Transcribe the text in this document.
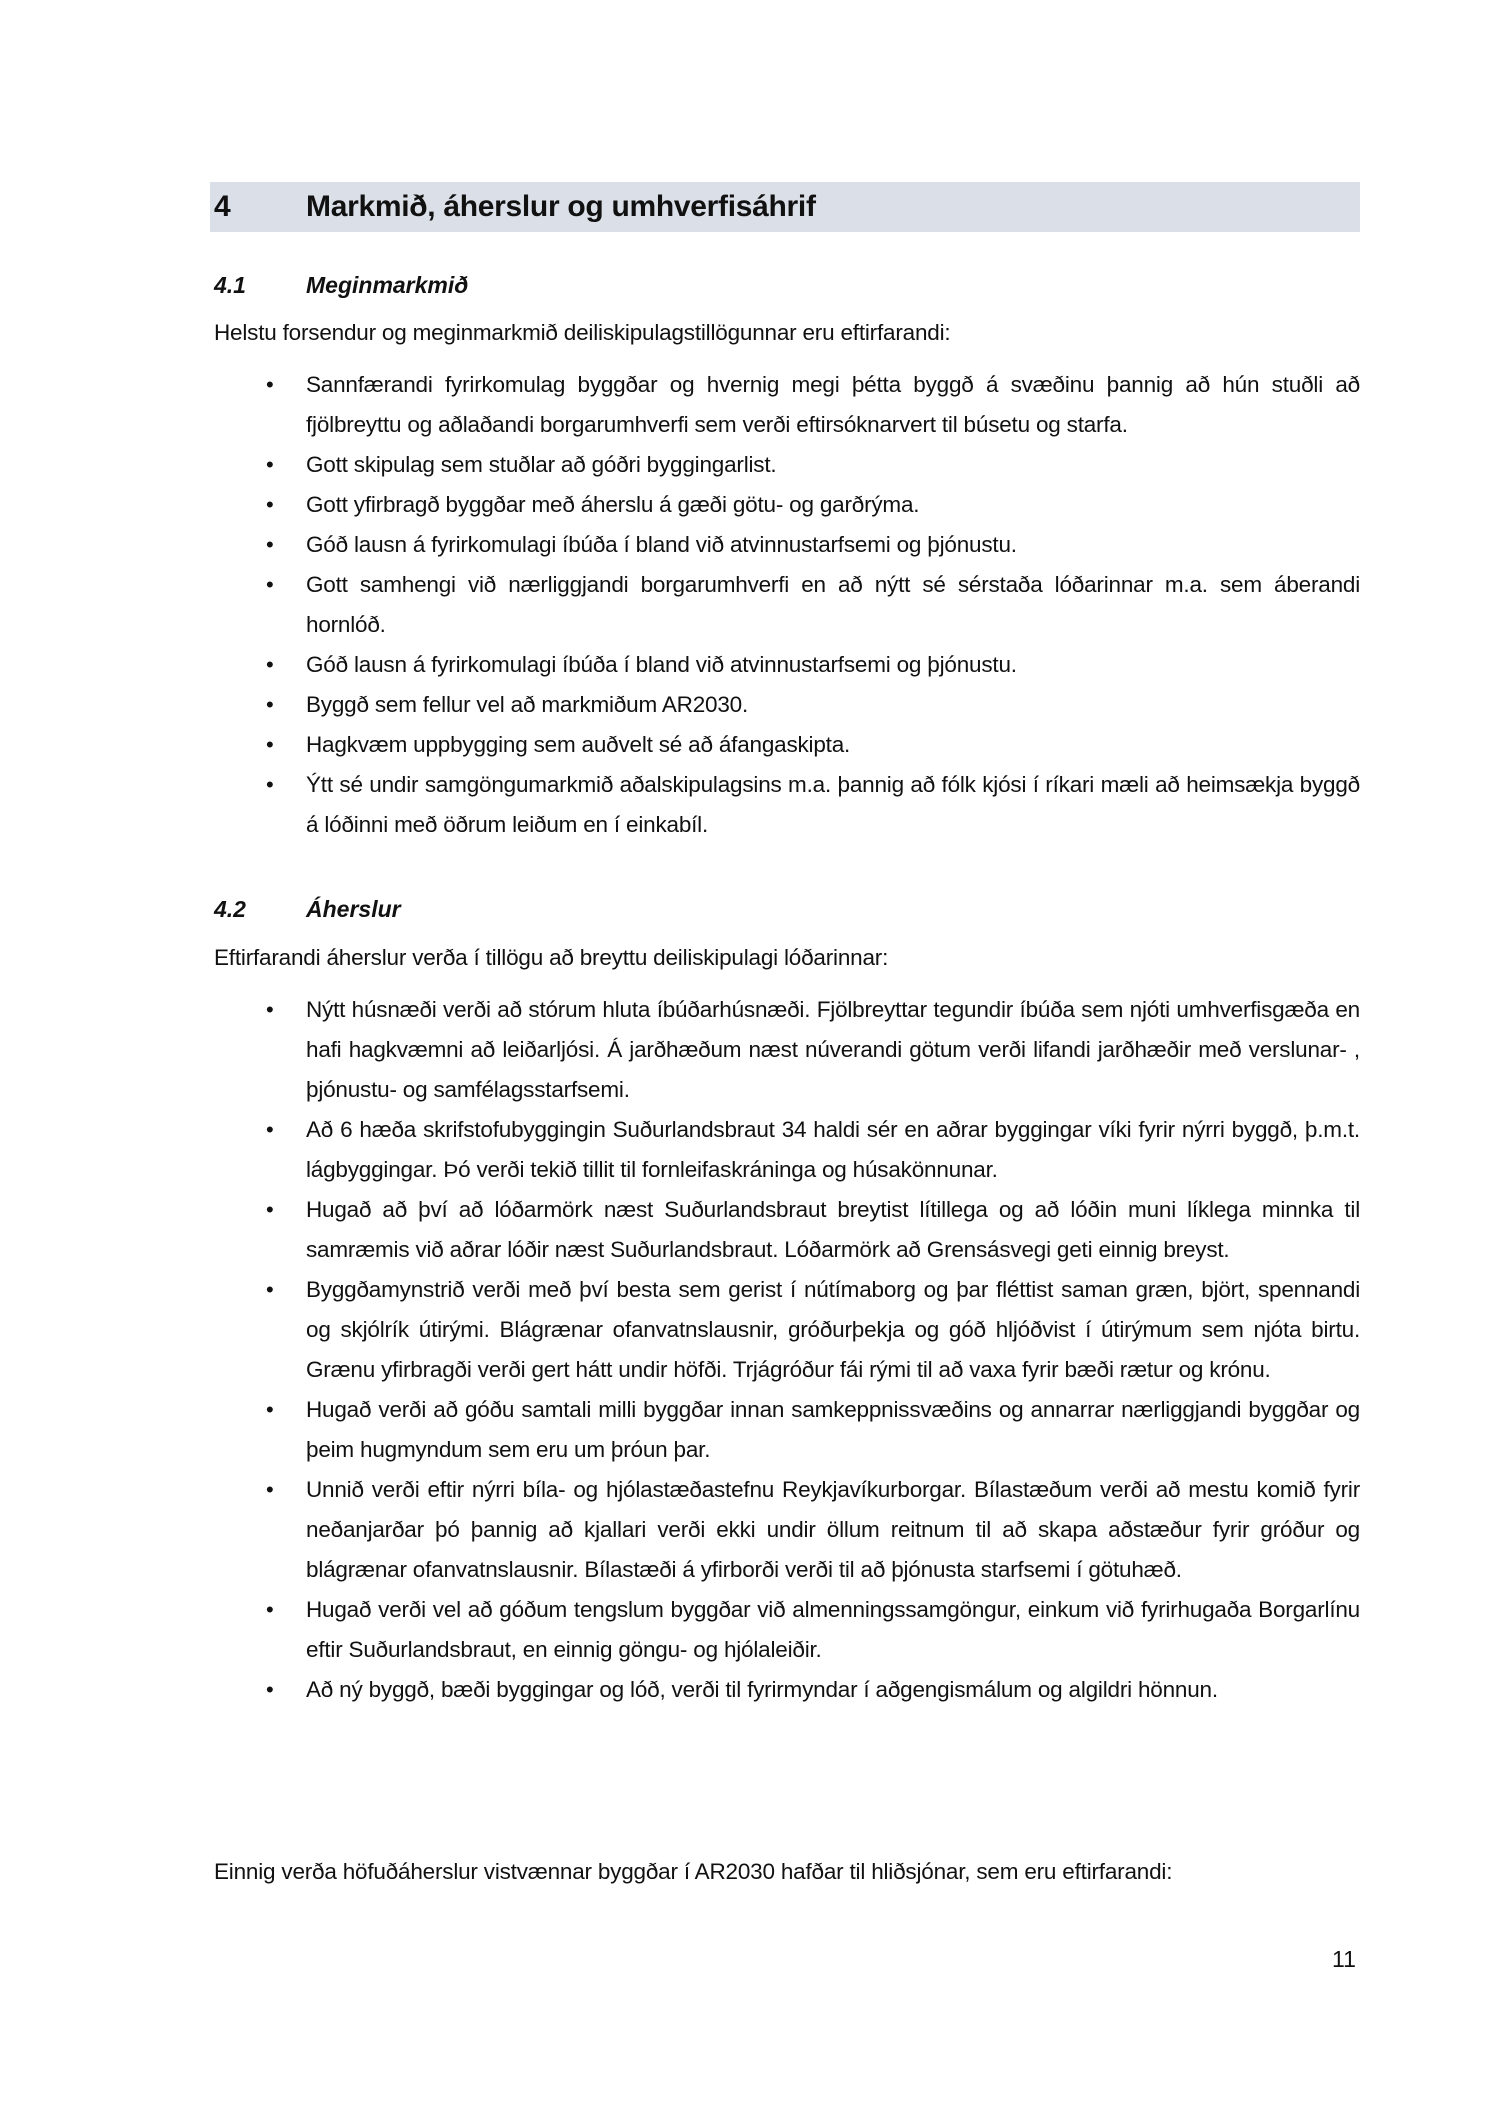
4	Markmið, áherslur og umhverfisáhrif
4.1	Meginmarkmið
Helstu forsendur og meginmarkmið deiliskipulagstillögunnar eru eftirfarandi:
• Sannfærandi fyrirkomulag byggðar og hvernig megi þétta byggð á svæðinu þannig að hún stuðli að fjölbreyttu og aðlaðandi borgarumhverfi sem verði eftirsóknarvert til búsetu og starfa.
• Gott skipulag sem stuðlar að góðri byggingarlist.
• Gott yfirbragð byggðar með áherslu á gæði götu- og garðrýma.
• Góð lausn á fyrirkomulagi íbúða í bland við atvinnustarfsemi og þjónustu.
• Gott samhengi við nærliggjandi borgarumhverfi en að nýtt sé sérstaða lóðarinnar m.a. sem áberandi hornlóð.
• Góð lausn á fyrirkomulagi íbúða í bland við atvinnustarfsemi og þjónustu.
• Byggð sem fellur vel að markmiðum AR2030.
• Hagkvæm uppbygging sem auðvelt sé að áfangaskipta.
• Ýtt sé undir samgöngumarkmið aðalskipulagsins m.a. þannig að fólk kjósi í ríkari mæli að heimsækja byggð á lóðinni með öðrum leiðum en í einkabíl.
4.2	Áherslur
Eftirfarandi áherslur verða í tillögu að breyttu deiliskipulagi lóðarinnar:
• Nýtt húsnæði verði að stórum hluta íbúðarhúsnæði. Fjölbreyttar tegundir íbúða sem njóti umhverfisgæða en hafi hagkvæmni að leiðarljósi. Á jarðhæðum næst núverandi götum verði lifandi jarðhæðir með verslunar- , þjónustu- og samfélagsstarfsemi.
• Að 6 hæða skrifstofubyggingin Suðurlandsbraut 34 haldi sér en aðrar byggingar víki fyrir nýrri byggð, þ.m.t. lágbyggingar. Þó verði tekið tillit til fornleifaskráninga og húsakönnunar.
• Hugað að því að lóðarmörk næst Suðurlandsbraut breytist lítillega og að lóðin muni líklega minnka til samræmis við aðrar lóðir næst Suðurlandsbraut. Lóðarmörk að Grensásvegi geti einnig breyst.
• Byggðamynstrið verði með því besta sem gerist í nútímaborg og þar fléttist saman græn, björt, spennandi og skjólrík útirými. Blágrænar ofanvatnslausnir, gróðurþekja og góð hljóðvist í útirýmum sem njóta birtu. Grænu yfirbragði verði gert hátt undir höfði. Trjágróður fái rými til að vaxa fyrir bæði rætur og krónu.
• Hugað verði að góðu samtali milli byggðar innan samkeppnissvæðins og annarrar nærliggjandi byggðar og þeim hugmyndum sem eru um þróun þar.
• Unnið verði eftir nýrri bíla- og hjólastæðastefnu Reykjavíkurborgar. Bílastæðum verði að mestu komið fyrir neðanjarðar þó þannig að kjallari verði ekki undir öllum reitnum til að skapa aðstæður fyrir gróður og blágrænar ofanvatnslausnir. Bílastæði á yfirborði verði til að þjónusta starfsemi í götuhæð.
• Hugað verði vel að góðum tengslum byggðar við almenningssamgöngur, einkum við fyrirhugaða Borgarlínu eftir Suðurlandsbraut, en einnig göngu- og hjólaleiðir.
• Að ný byggð, bæði byggingar og lóð, verði til fyrirmyndar í aðgengismálum og algildri hönnun.
Einnig verða höfuðáherslur vistvænnar byggðar í AR2030 hafðar til hliðsjónar, sem eru eftirfarandi:
11
